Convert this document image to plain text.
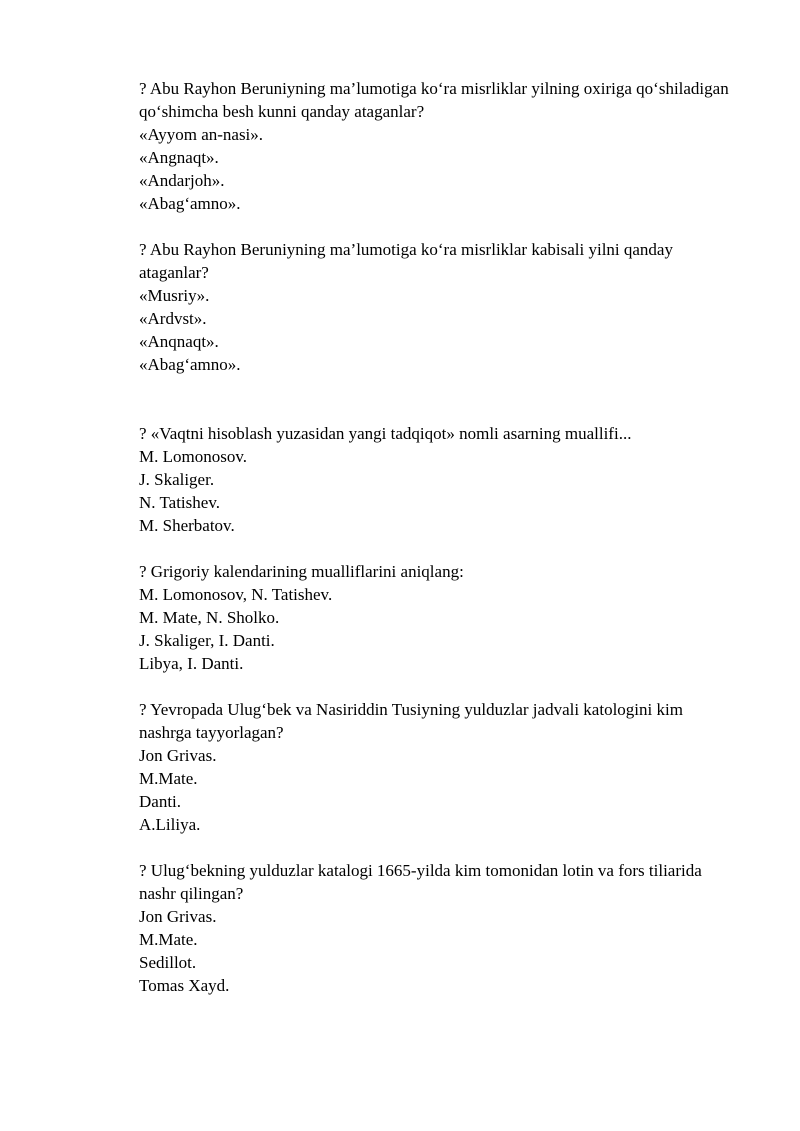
? Abu Rayhon Beruniyning ma’lumotiga ko‘ra misrliklar yilning oxiriga qo‘shiladigan qo‘shimcha besh kunni qanday ataganlar?

«Ayyom an-nasi».
«Angnaqt».
«Andarjoh».
«Abag‘amno».

? Abu Rayhon Beruniyning ma’lumotiga ko‘ra misrliklar kabisali yilni qanday ataganlar?

«Musriy».
«Ardvst».
«Anqnaqt».
«Abag‘amno».

? «Vaqtni hisoblash yuzasidan yangi tadqiqot» nomli asarning muallifi...

M. Lomonosov.
J. Skaliger.
N. Tatishev.
M. Sherbatov.

? Grigoriy kalendarining mualliflarini aniqlang:

M. Lomonosov, N. Tatishev.
M. Mate, N. Sholko.
J. Skaliger, I. Danti.
Libya, I. Danti.

? Yevropada Ulug‘bek va Nasiriddin Tusiyning yulduzlar jadvali katologini kim nashrga tayyorlagan?

Jon Grivas.
M.Mate.
Danti.
A.Liliya.

? Ulug‘bekning yulduzlar katalogi 1665-yilda kim tomonidan lotin va fors tiliarida nashr qilingan?

Jon Grivas.
M.Mate.
Sedillot.
Tomas Xayd.
